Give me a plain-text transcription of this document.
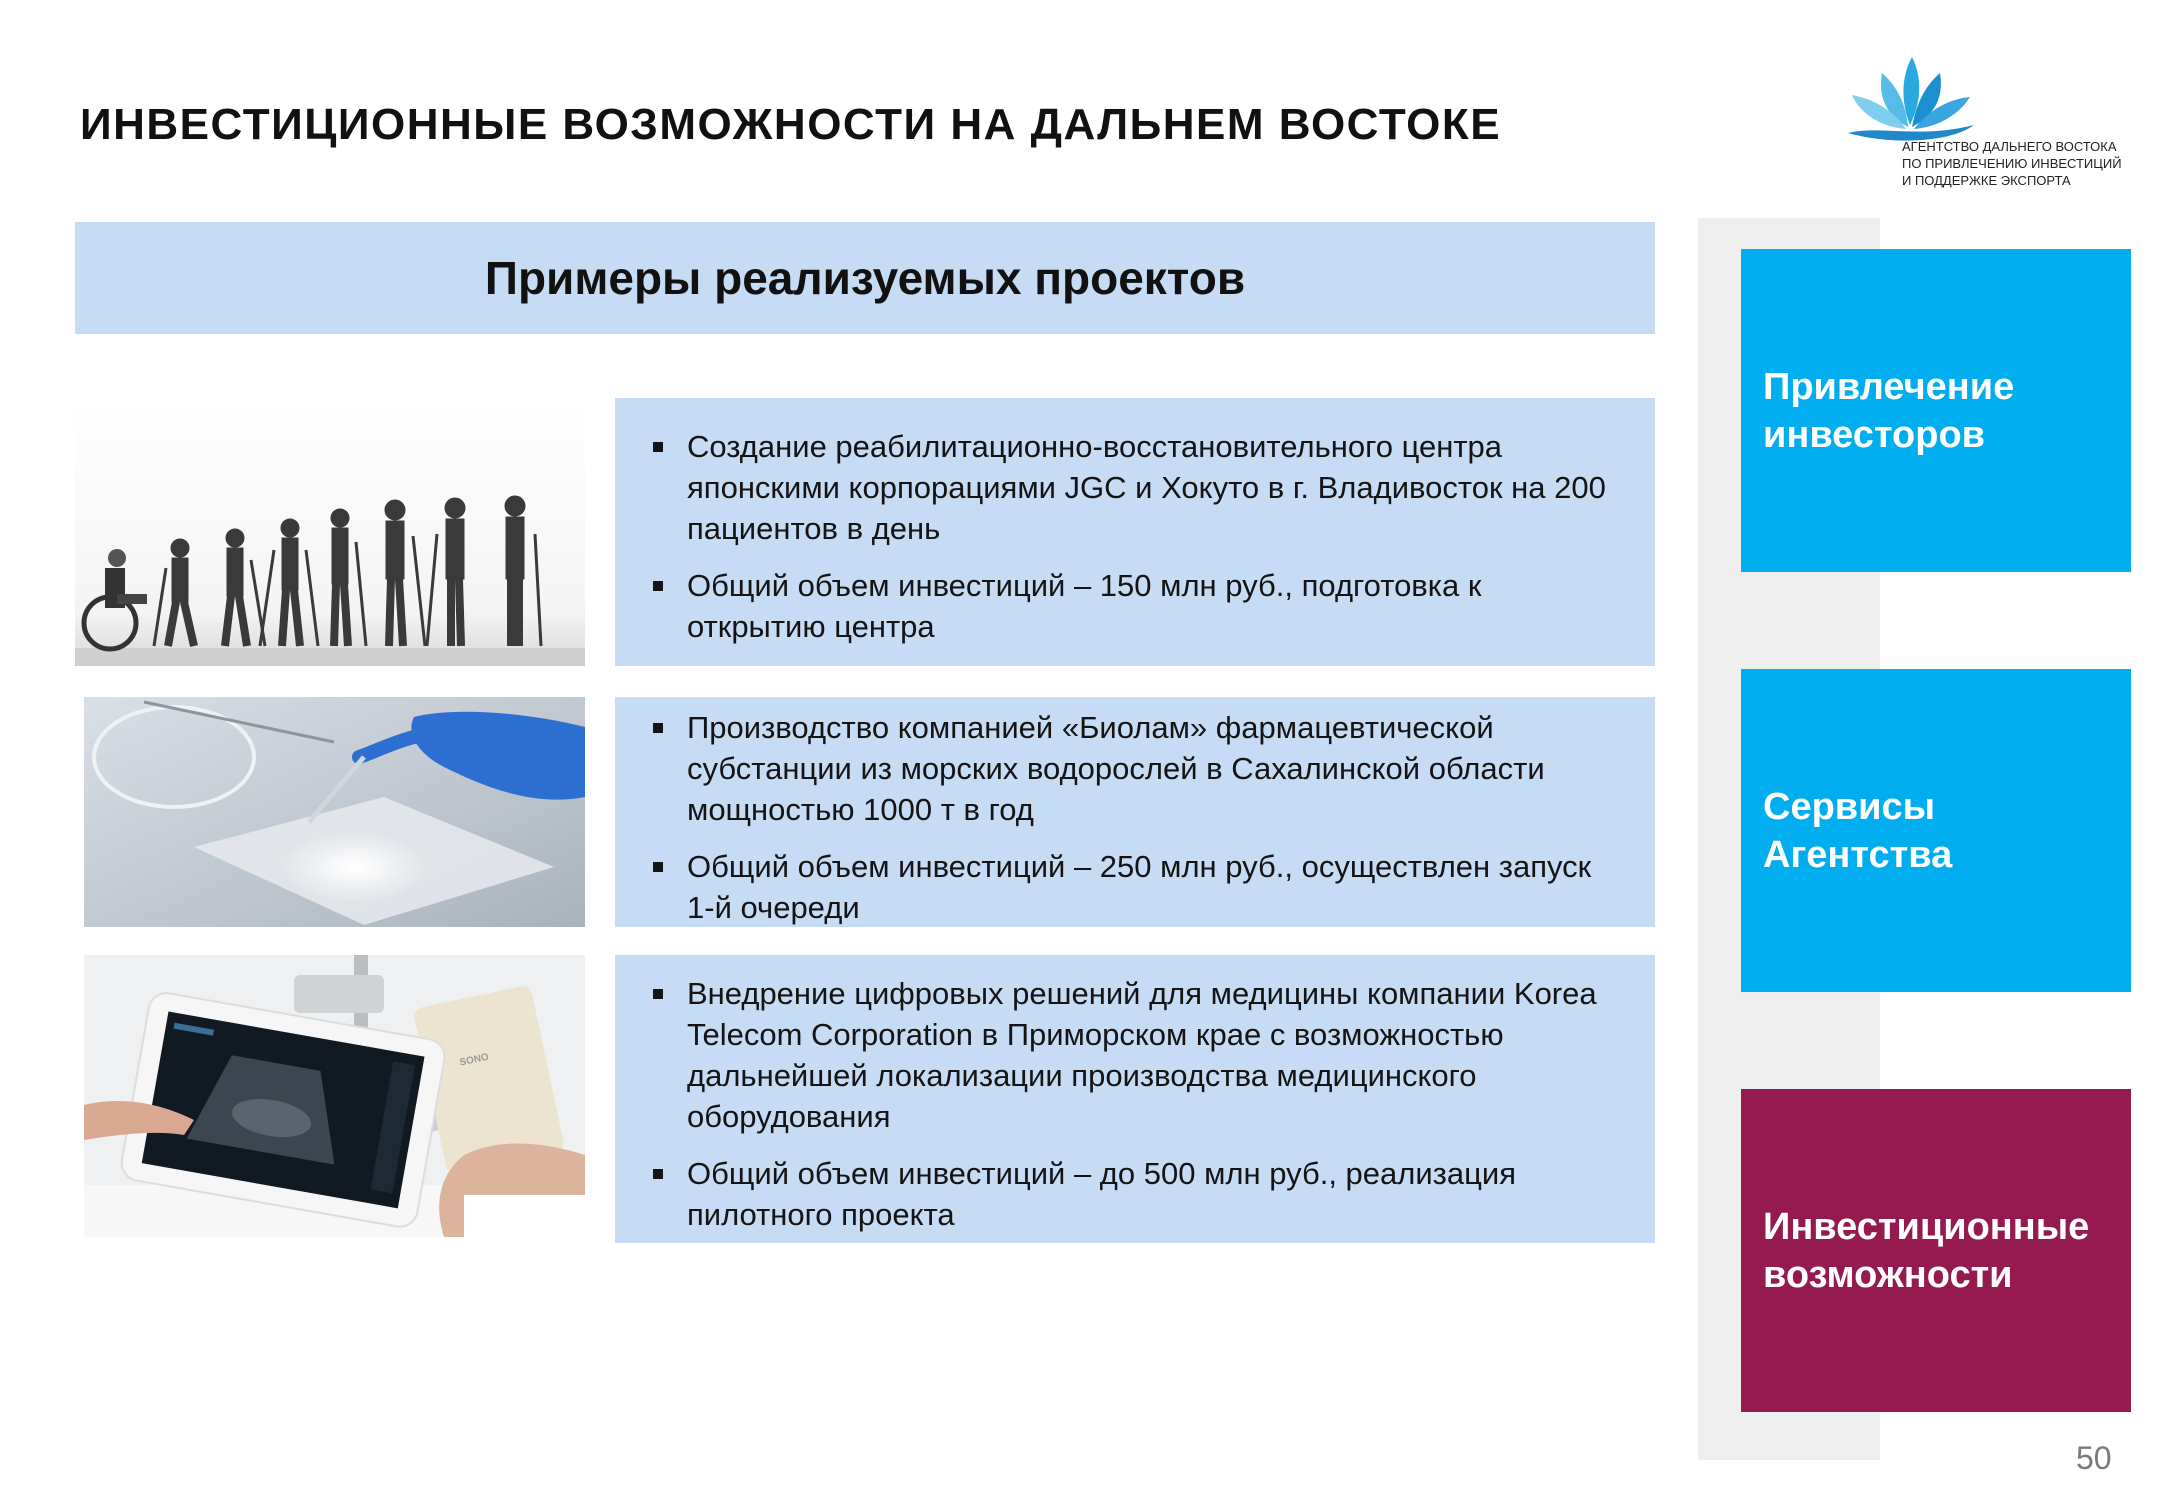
ИНВЕСТИЦИОННЫЕ ВОЗМОЖНОСТИ НА ДАЛЬНЕМ ВОСТОКЕ	АГЕНТСТВО ДАЛЬНЕГО ВОСТОКА
ПО ПРИВЛЕЧЕНИЮ ИНВЕСТИЦИЙ
И ПОДДЕРЖКЕ ЭКСПОРТА
Примеры реализуемых проектов
SONO
Создание реабилитационно-восстановительного центра японскими корпорациями JGC и Хокуто в г. Владивосток на 200 пациентов в день
Общий объем инвестиций – 150 млн руб., подготовка к открытию центра
Производство компанией «Биолам» фармацевтической субстанции из морских водорослей в Сахалинской области мощностью 1000 т в год
Общий объем инвестиций – 250 млн руб., осуществлен запуск 1-й очереди
Внедрение цифровых решений для медицины компании Korea Telecom Corporation в Приморском крае с возможностью дальнейшей локализации производства медицинского оборудования
Общий объем инвестиций – до 500 млн руб., реализация пилотного проекта
Привлечение
инвесторов
Сервисы
Агентства
Инвестиционные
возможности
50
